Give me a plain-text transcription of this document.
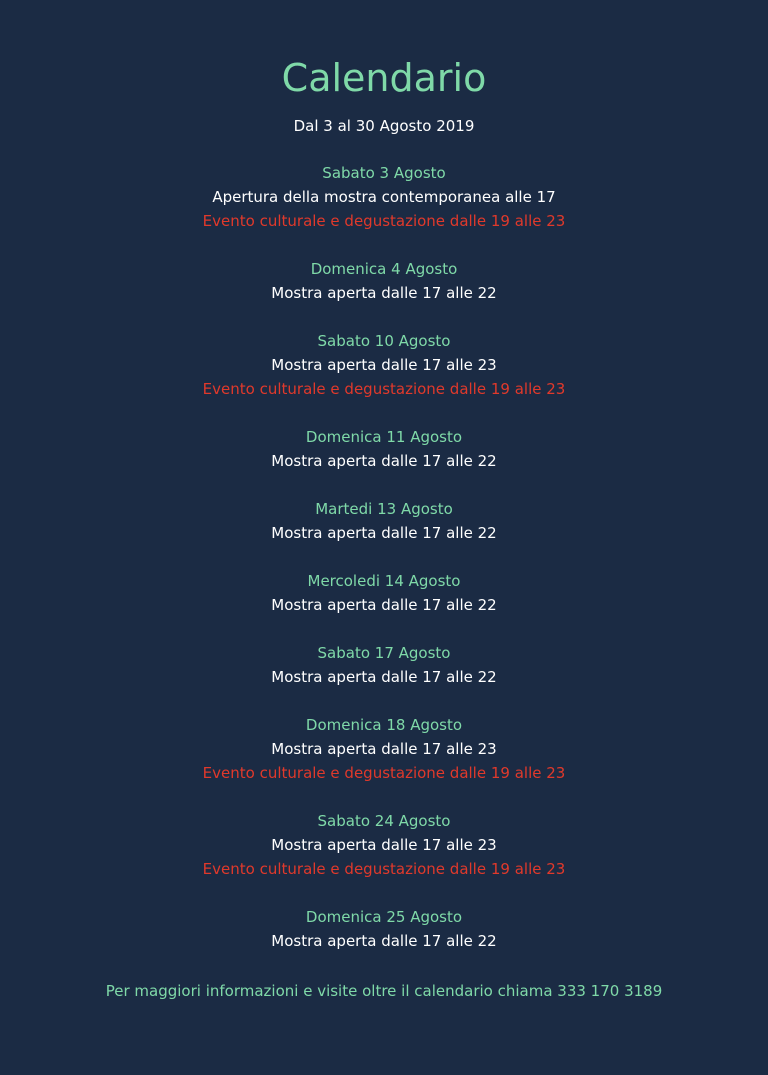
Calendario
Dal 3 al 30 Agosto 2019
Sabato 3 Agosto
Apertura della mostra contemporanea alle 17
Evento culturale e degustazione dalle 19 alle 23
Domenica 4 Agosto
Mostra aperta dalle 17 alle 22
Sabato 10 Agosto
Mostra aperta dalle 17 alle 23
Evento culturale e degustazione dalle 19 alle 23
Domenica 11 Agosto
Mostra aperta dalle 17 alle 22
Martedi 13 Agosto
Mostra aperta dalle 17 alle 22
Mercoledi 14 Agosto
Mostra aperta dalle 17 alle 22
Sabato 17 Agosto
Mostra aperta dalle 17 alle 22
Domenica 18 Agosto
Mostra aperta dalle 17 alle 23
Evento culturale e degustazione dalle 19 alle 23
Sabato 24 Agosto
Mostra aperta dalle 17 alle 23
Evento culturale e degustazione dalle 19 alle 23
Domenica 25 Agosto
Mostra aperta dalle 17 alle 22
Per maggiori informazioni e visite oltre il calendario chiama 333 170 3189
